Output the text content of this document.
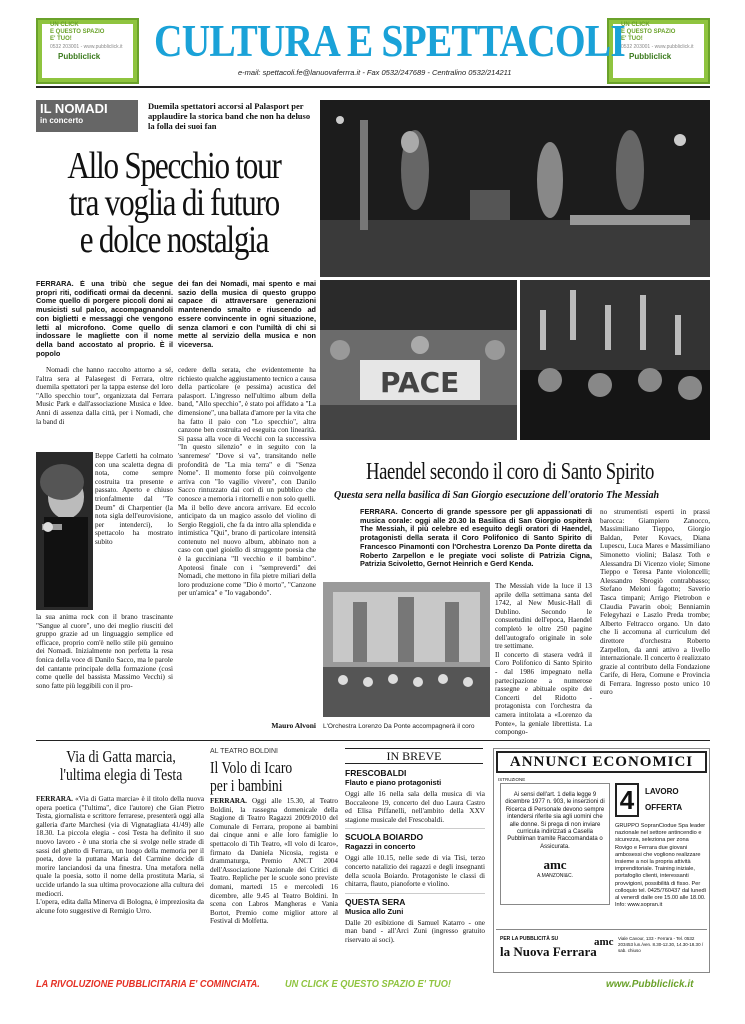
UN CLICK
E QUESTO SPAZIO
E' TUO!
0532 203001 - www.pubbliclick.it
Pubbliclick
UN CLICK
E QUESTO SPAZIO
E' TUO!
0532 203001 - www.pubbliclick.it
Pubbliclick
CULTURA E SPETTACOLI
e-mail: spettacoli.fe@lanuovaferrra.it - Fax 0532/247689 - Centralino 0532/214211
IL NOMADI
in concerto
Duemila spettatori accorsi al Palasport per applaudire la storica band che non ha deluso la folla dei suoi fan
Allo Specchio tour
tra voglia di futuro
e dolce nostalgia
FERRARA. È una tribù che segue propri riti, codificati ormai da decenni. Come quello di porgere piccoli doni ai musicisti sul palco, accompagnandoli con biglietti e messaggi che vengono letti al microfono. Come quello di indossare le magliette con il nome della band accostato al proprio. È il popolo
dei fan dei Nomadi, mai spento e mai sazio della musica di questo gruppo capace di attraversare generazioni mantenendo smalto e riuscendo ad essere convincente in ogni situazione, senza clamori e con l'umiltà di chi si mette al servizio della musica e non viceversa.
Nomadi che hanno raccolto attorno a sé, l'altra sera al Palasegest di Ferrara, oltre duemila spettatori per la tappa estense del loro "Allo specchio tour", organizzata dal Ferrara Music Park e dall'associazione Musica e Idee. Anni di assenza dalla città, per i Nomadi, che la band di
Beppe Carletti ha colmato con una scaletta degna di nota, come sempre costruita tra presente e passato. Aperto e chiuso trionfalmente dal "Te Deum" di Charpentier (la nota sigla dell'eurovisione, per intenderci), lo spettacolo ha mostrato subito
la sua anima rock con il brano trascinante "Sangue al cuore", uno dei meglio riusciti del gruppo grazie ad un linguaggio semplice ed efficace, proprio com'è nello stile più genuino dei Nomadi. Inizialmente non perfetta la resa fonica della voce di Danilo Sacco, ma le parole del cantante principale della formazione (così come quelle del bassista Massimo Vecchi) si sono fatte più leggibili con il pro-
cedere della serata, che evidentemente ha richiesto qualche aggiustamento tecnico a causa della particolare (e pessima) acustica del palasport. L'ingresso nell'ultimo album della band, "Allo specchio", è stato poi affidato a "La dimensione", una ballata d'amore per la vita che ha fatto il paio con "Lo specchio", altra canzone ben costruita ed eseguita con linearità. Si passa alla voce di Vecchi con la successiva "In questo silenzio" e in seguito con la 'sanremese' "Dove si va", transitando nelle profondità de "La mia terra" e di "Senza Nome". Il momento forse più coinvolgente arriva con "Io vagilio vivere", con Danilo Sacco rintuzzato dai cori di un pubblico che conosce a memoria i ritornelli e non solo quelli.
Ma il bello deve ancora arrivare. Ed eccolo anticipato da un magico assolo del violino di Sergio Reggioli, che fa da intro alla splendida e intimistica "Qui", brano di particolare intensità contenuto nel nuovo album, abbinato non a caso con quel gioiello di struggente poesia che è la gucciniana "Il vecchio e il bambino". Apoteosi finale con i "sempreverdi" dei Nomadi, che mettono in fila pietre miliari della loro produzione come "Dio è morto", "Canzone per un'amica" e "Io vagabondo".
Mauro Alvoni
PACE
Haendel secondo il coro di Santo Spirito
Questa sera nella basilica di San Giorgio esecuzione dell'oratorio The Messiah
FERRARA. Concerto di grande spessore per gli appassionati di musica corale: oggi alle 20.30 la Basilica di San Giorgio ospiterà The Messiah, il più celebre ed eseguito degli oratori di Haendel, protagonisti della serata il Coro Polifonico di Santo Spirito di Francesco Pinamonti con l'Orchestra Lorenzo Da Ponte diretta da Roberto Zarpellon e le pregiate voci soliste di Patrizia Cigna, Patrizia Scivoletto, Gernot Heinrich e Gerd Kenda.
The Messiah vide la luce il 13 aprile della settimana santa del 1742, al New Music-Hall di Dublino. Secondo le consuetudini dell'epoca, Haendel completò le oltre 250 pagine dell'autografo originale in sole tre settimane.
Il concerto di stasera vedrà il Coro Polifonico di Santo Spirito - dal 1986 impegnato nella partecipazione a numerose rassegne e abituale ospite dei Concerti del Ridotto - protagonista con l'orchestra da camera intitolata a «Lorenzo da Ponte», la geniale librettista. La compongo-
no strumentisti esperti in prassi barocca: Giampiero Zanocco, Massimiliano Tieppo, Giorgio Baldan, Peter Kovacs, Diana Lupescu, Luca Mares e Massimiliano Simonetto violini; Balasz Toth e Alessandra Di Vicenzo viole; Simone Tieppo e Teresa Pante violoncelli; Alessandro Sbrogiò contrabbasso; Stefano Meloni fagotto; Saverio Tasca timpani; Arrigo Pietrobon e Claudia Pavarin oboi; Benniamin Felegyhazi e Laszlo Preda trombe; Alberto Feltracco organo. Un dato che li accomuna al curriculum del direttore d'orchestra Roberto Zarpellon, da anni attivo a livello internazionale. Il concerto è realizzato grazie al contributo della Fondazione Carife, di Hera, Comune e Provincia di Ferrara. Ingresso posto unico 10 euro
L'Orchestra Lorenzo Da Ponte accompagnerà il coro
Via di Gatta marcia,
l'ultima elegia di Testa
FERRARA. «Via di Gatta marcia» è il titolo della nuova opera poetica ("l'ultima", dice l'autore) che Gian Pietro Testa, giornalista e scrittore ferrarese, presenterà oggi alla galleria d'arte Marchesi (via di Vignatagliata 41/49) alle 18.30. La piccola elegia - così Testa ha definito il suo nuovo lavoro - è una storia che si svolge nelle strade di sassi del ghetto di Ferrara, un luogo della memoria per il poeta, dove la puttana Maria del Carmine decide di morire lanciandosi da una finestra. Una metafora nella quale la poesia, sotto il nome della prostituta Maria, si uccide urlando la sua ultima provocazione alla cultura dei mediocri.
L'opera, edita dalla Minerva di Bologna, è impreziosita da alcune foto suggestive di Remigio Urro.
AL TEATRO BOLDINI
Il Volo di Icaro
per i bambini
FERRARA. Oggi alle 15.30, al Teatro Boldini, la rassegna domenicale della Stagione di Teatro Ragazzi 2009/2010 del Comunale di Ferrara, propone ai bambini dai cinque anni e alle loro famiglie lo spettacolo di Tih Teatro, «Il volo di Icaro», firmato da Daniela Nicosia, regista e drammaturga, Premio ANCT 2004 dell'Associazione Nazionale dei Critici di Teatro. Repliche per le scuole sono previste domani, martedì 15 e mercoledì 16 dicembre, alle 9.45 al Teatro Boldini. In scena con Labros Mangheras e Vania Bortot, Premio come miglior attore al Festival di Molfetta.
IN BREVE
FRESCOBALDI
Flauto e piano protagonisti
Oggi alle 16 nella sala della musica di via Boccaleone 19, concerto del duo Laura Castro ed Elisa Piffanelli, nell'ambito della XXV stagione musicale del Frescobaldi.
SCUOLA BOIARDO
Ragazzi in concerto
Oggi alle 10.15, nelle sede di via Tisi, terzo concerto natalizio dei ragazzi e degli insegnanti della scuola Boiardo. Protagoniste le classi di chitarra, flauto, pianoforte e violino.
QUESTA SERA
Musica allo Zuni
Dalle 20 esibizione di Samuel Katarro - one man band - all'Arci Zuni (ingresso gratuito riservato ai soci).
ANNUNCI ECONOMICI
ISTRUZIONE
Ai sensi dell'art. 1 della legge 9 dicembre 1977 n. 903, le inserzioni di Ricerca di Personale devono sempre intendersi riferite sia agli uomini che alle donne. Si prega di non inviare curricula indirizzati a Casella Pubbliman tramite Raccomandata o Assicurata.
amc
A.MANZONI&C.
4	LAVORO
OFFERTA
GRUPPO SopranCiodue Spa leader nazionale nel settore antincendio e sicurezza, seleziona per zona Rovigo e Ferrara due giovani ambosessi che vogliono realizzare insieme a noi la propria attività imprenditoriale. Training iniziale, portafoglio clienti, interessanti provvigioni, possibilità di fisso. Per colloquio tel. 0425/760437 dal lunedì al venerdì dalle ore 15.00 alle 18.00. Info: www.sopran.it
PER LA PUBBLICITÀ SU
la Nuova Ferrara
amc Viale Cavour, 133 - Ferrara - Tel. 0532 203453 lun./ven. 8.30-12.30, 14.30-18.30 / sab. chiuso
LA RIVOLUZIONE PUBBLICITARIA E' COMINCIATA.	UN CLICK E QUESTO SPAZIO E' TUO!	www.Pubbliclick.it
